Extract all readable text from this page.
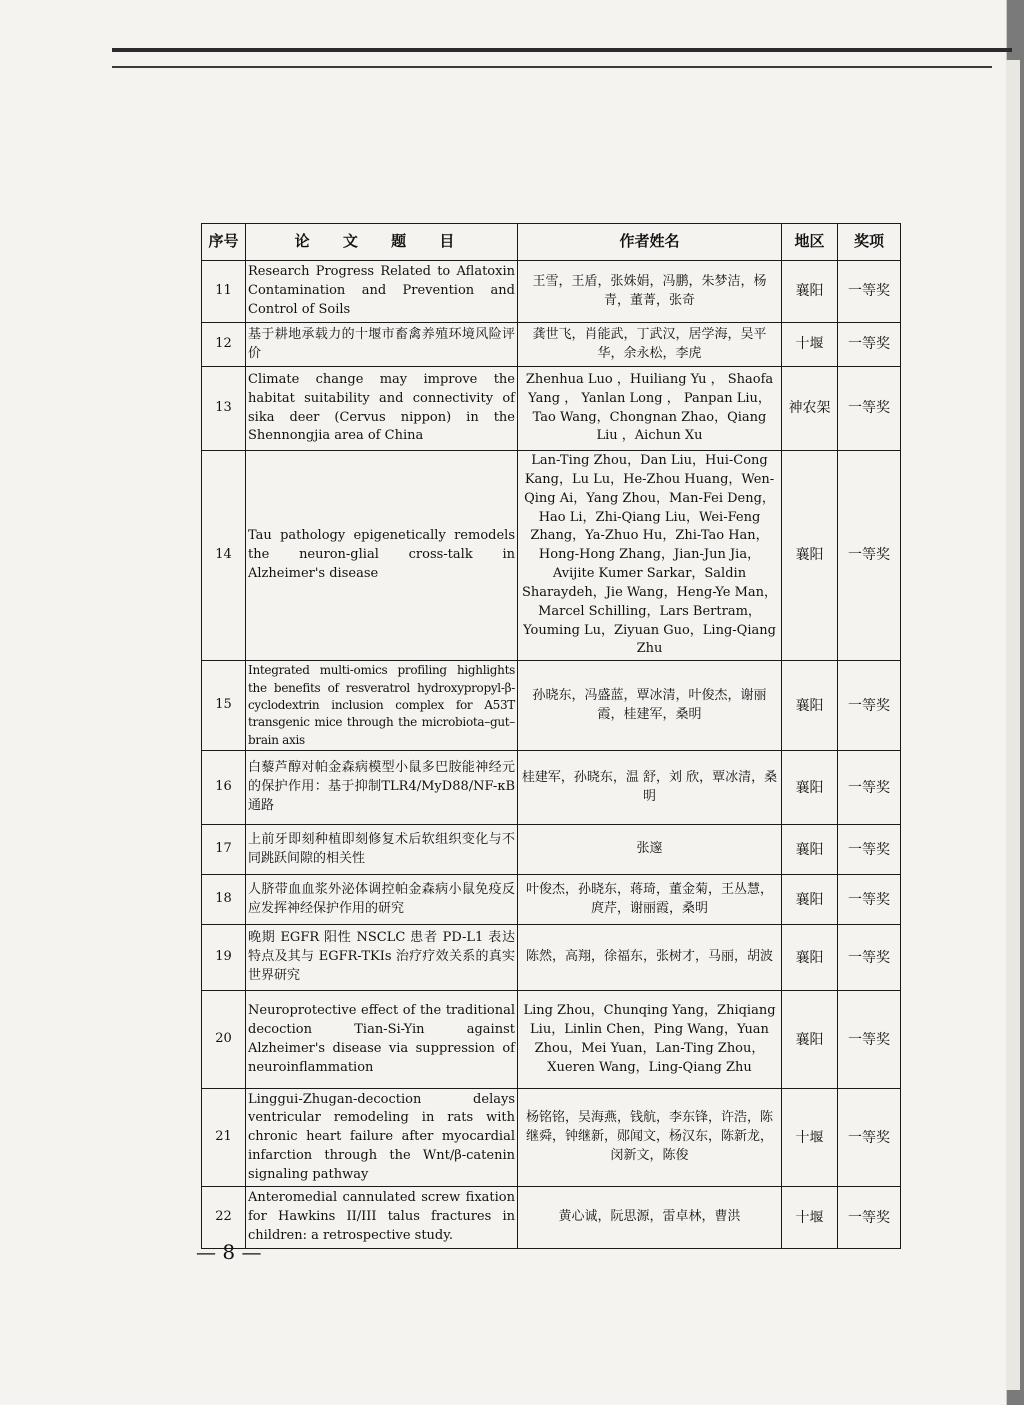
序号	论 文 题 目	作者姓名	地区	奖项
11	Research Progress Related to Aflatoxin Contamination and Prevention and Control of Soils	王雪，王盾，张姝娟，冯鹏，朱梦洁，杨青，董菁，张奇	襄阳	一等奖
12	基于耕地承载力的十堰市畜禽养殖环境风险评价	龚世飞，肖能武，丁武汉，居学海，吴平华，余永松，李虎	十堰	一等奖
13	Climate change may improve the habitat suitability and connectivity of sika deer (Cervus nippon) in the Shennongjia area of China	Zhenhua Luo ，Huiliang Yu ， Shaofa Yang ， Yanlan Long ， Panpan Liu，Tao Wang，Chongnan Zhao，Qiang Liu ，Aichun Xu	神农架	一等奖
14	Tau pathology epigenetically remodels the neuron-glial cross-talk in Alzheimer's disease	Lan-Ting Zhou，Dan Liu，Hui-Cong Kang，Lu Lu，He-Zhou Huang，Wen-Qing Ai，Yang Zhou，Man-Fei Deng，Hao Li，Zhi-Qiang Liu，Wei-Feng Zhang，Ya-Zhuo Hu，Zhi-Tao Han，Hong-Hong Zhang，Jian-Jun Jia，Avijite Kumer Sarkar，Saldin Sharaydeh，Jie Wang，Heng-Ye Man，Marcel Schilling，Lars Bertram，Youming Lu，Ziyuan Guo，Ling-Qiang Zhu	襄阳	一等奖
15	Integrated multi-omics profiling highlights the benefits of resveratrol hydroxypropyl-β-cyclodextrin inclusion complex for A53T transgenic mice through the microbiota–gut–brain axis	孙晓东，冯盛蓝，覃冰清，叶俊杰，谢丽霞，桂建军，桑明	襄阳	一等奖
16	白藜芦醇对帕金森病模型小鼠多巴胺能神经元的保护作用：基于抑制TLR4/MyD88/NF-κB 通路	桂建军，孙晓东，温 舒，刘 欣，覃冰清，桑 明	襄阳	一等奖
17	上前牙即刻种植即刻修复术后软组织变化与不同跳跃间隙的相关性	张邃	襄阳	一等奖
18	人脐带血血浆外泌体调控帕金森病小鼠免疫反应发挥神经保护作用的研究	叶俊杰，孙晓东，蒋琦，董金菊，王丛慧，庹芹，谢丽霞，桑明	襄阳	一等奖
19	晚期 EGFR 阳性 NSCLC 患者 PD-L1 表达特点及其与 EGFR-TKIs 治疗疗效关系的真实世界研究	陈然，高翔，徐福东，张树才，马丽，胡波	襄阳	一等奖
20	Neuroprotective effect of the traditional decoction Tian-Si-Yin against Alzheimer's disease via suppression of neuroinflammation	Ling Zhou，Chunqing Yang，Zhiqiang Liu，Linlin Chen，Ping Wang，Yuan Zhou，Mei Yuan，Lan-Ting Zhou，Xueren Wang，Ling-Qiang Zhu	襄阳	一等奖
21	Linggui-Zhugan-decoction delays ventricular remodeling in rats with chronic heart failure after myocardial infarction through the Wnt/β-catenin signaling pathway	杨铭铭，吴海燕，钱航，李东锋，许浩，陈继舜，钟继新，郧闻文，杨汉东，陈新龙，闵新文，陈俊	十堰	一等奖
22	Anteromedial cannulated screw fixation for Hawkins II/III talus fractures in children: a retrospective study.	黄心诚，阮思源，雷卓林，曹洪	十堰	一等奖
— 8 —
